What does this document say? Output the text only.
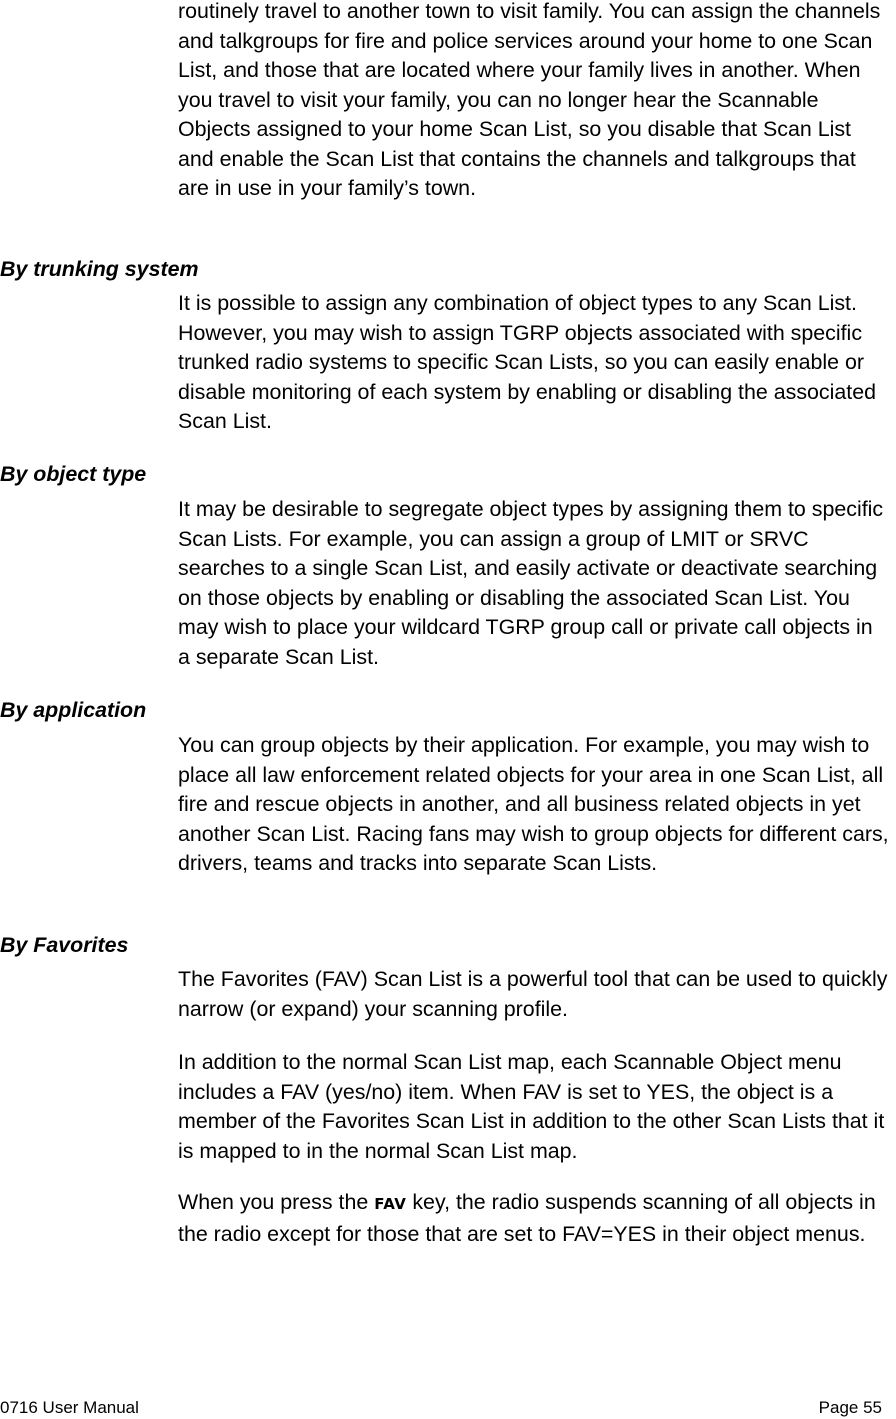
routinely travel to another town to visit family. You can assign the channels and talkgroups for fire and police services around your home to one Scan List, and those that are located where your family lives in another. When you travel to visit your family, you can no longer hear the Scannable Objects assigned to your home Scan List, so you disable that Scan List and enable the Scan List that contains the channels and talkgroups that are in use in your family’s town.

By trunking system

It is possible to assign any combination of object types to any Scan List. However, you may wish to assign TGRP objects associated with specific trunked radio systems to specific Scan Lists, so you can easily enable or disable monitoring of each system by enabling or disabling the associated Scan List.

By object type

It may be desirable to segregate object types by assigning them to specific Scan Lists. For example, you can assign a group of LMIT or SRVC searches to a single Scan List, and easily activate or deactivate searching on those objects by enabling or disabling the associated Scan List. You may wish to place your wildcard TGRP group call or private call objects in a separate Scan List.

By application

You can group objects by their application. For example, you may wish to place all law enforcement related objects for your area in one Scan List, all fire and rescue objects in another, and all business related objects in yet another Scan List. Racing fans may wish to group objects for different cars, drivers, teams and tracks into separate Scan Lists.

By Favorites

The Favorites (FAV) Scan List is a powerful tool that can be used to quickly narrow (or expand) your scanning profile.

In addition to the normal Scan List map, each Scannable Object menu includes a FAV (yes/no) item. When FAV is set to YES, the object is a member of the Favorites Scan List in addition to the other Scan Lists that it is mapped to in the normal Scan List map.

When you press the FAV key, the radio suspends scanning of all objects in the radio except for those that are set to FAV=YES in their object menus.

0716 User Manual	Page 55
